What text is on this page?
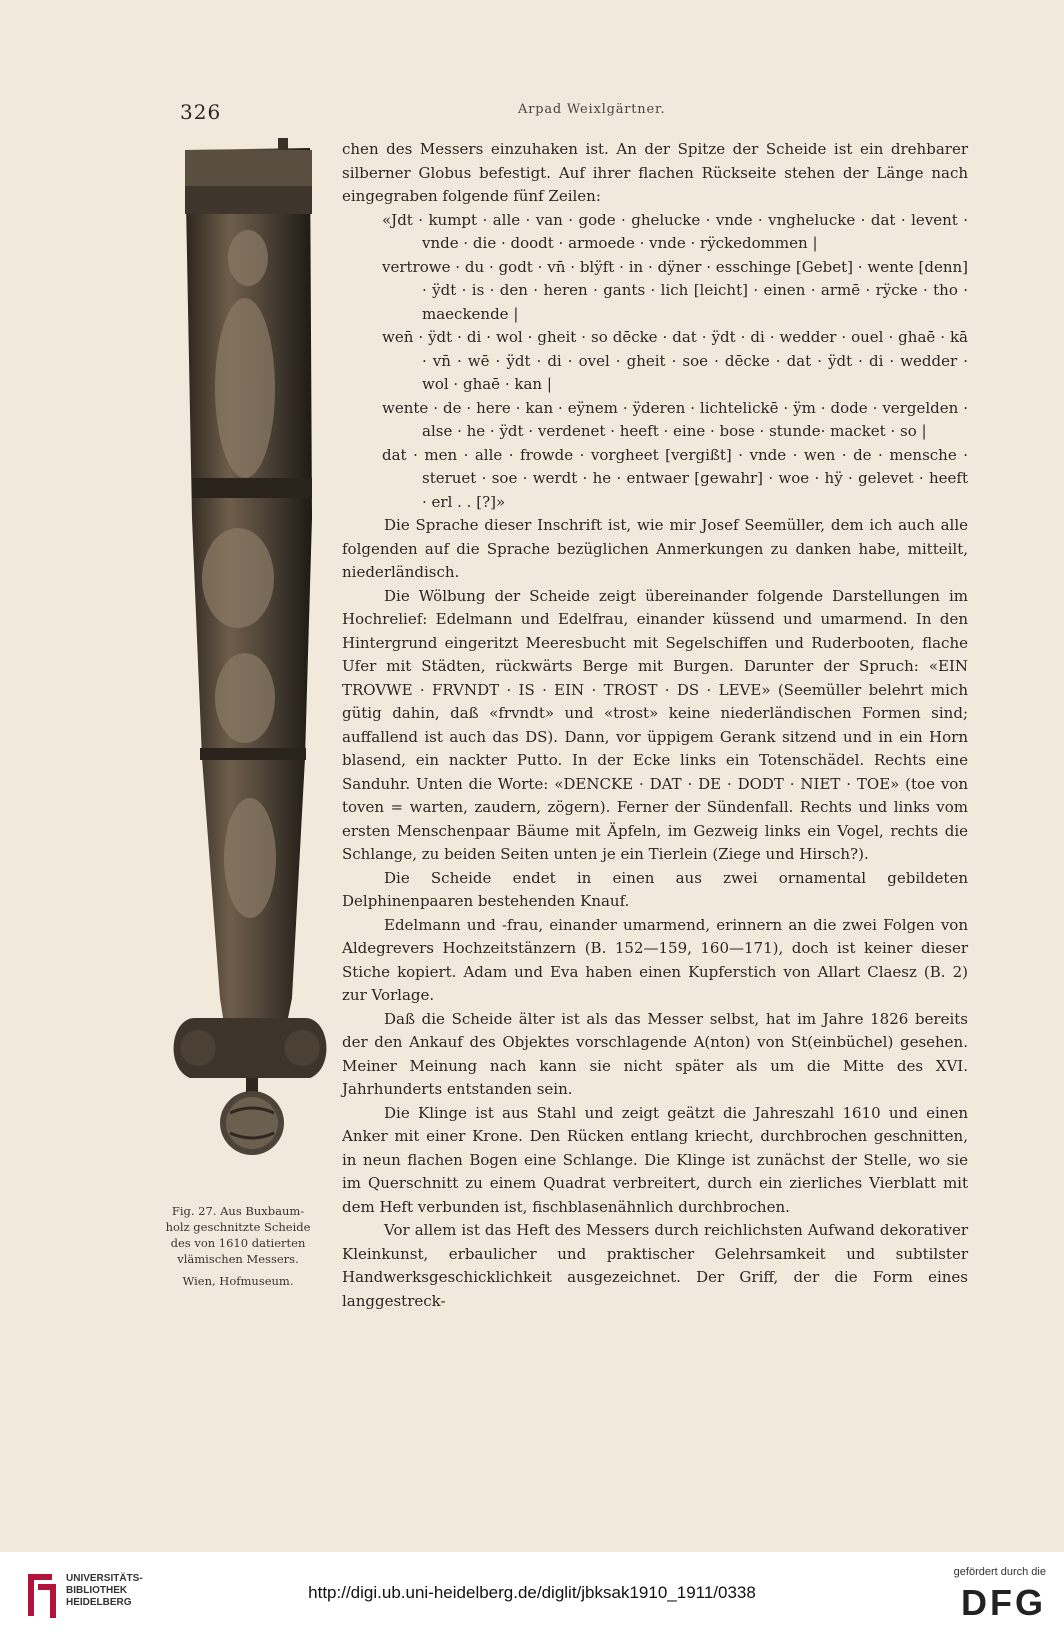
326	Arpad Weixlgärtner.
Fig. 27. Aus Buxbaum-
holz geschnitzte Scheide
des von 1610 datierten
vlämischen Messers.
Wien, Hofmuseum.

chen des Messers einzuhaken ist. An der Spitze der Scheide ist ein drehbarer silberner Globus befestigt. Auf ihrer flachen Rückseite stehen der Länge nach eingegraben folgende fünf Zeilen:

«Jdt · kumpt · alle · van · gode · ghelucke · vnde · vnghelucke · dat · levent · vnde · die · doodt · armoede · vnde · rÿckedommen |

vertrowe · du · godt · vn̄ · blÿft · in · dÿner · esschinge [Gebet] · wente [denn] · ÿdt · is · den · heren · gants · lich [leicht] · einen · armē · rÿcke · tho · maeckende |

wen̄ · ÿdt · di · wol · gheit · so dēcke · dat · ÿdt · di · wedder · ouel · ghaē · kā · vn̄ · wē · ÿdt · di · ovel · gheit · soe · dēcke · dat · ÿdt · di · wedder · wol · ghaē · kan |

wente · de · here · kan · eÿnem · ÿderen · lichtelickē · ÿm · dode · vergelden · alse · he · ÿdt · verdenet · heeft · eine · bose · stunde· macket · so |

dat · men · alle · frowde · vorgheet [vergißt] · vnde · wen · de · mensche · steruet · soe · werdt · he · entwaer [gewahr] · woe · hÿ · gelevet · heeft · erl . . [?]»

Die Sprache dieser Inschrift ist, wie mir Josef Seemüller, dem ich auch alle folgenden auf die Sprache bezüglichen Anmerkungen zu danken habe, mitteilt, niederländisch.

Die Wölbung der Scheide zeigt übereinander folgende Darstellungen im Hochrelief: Edelmann und Edelfrau, einander küssend und umarmend. In den Hintergrund eingeritzt Meeresbucht mit Segelschiffen und Ruderbooten, flache Ufer mit Städten, rückwärts Berge mit Burgen. Darunter der Spruch: «EIN TROVWE · FRVNDT · IS · EIN · TROST · DS · LEVE» (Seemüller belehrt mich gütig dahin, daß «frvndt» und «trost» keine niederländischen Formen sind; auffallend ist auch das DS). Dann, vor üppigem Gerank sitzend und in ein Horn blasend, ein nackter Putto. In der Ecke links ein Totenschädel. Rechts eine Sanduhr. Unten die Worte: «DENCKE · DAT · DE · DODT · NIET · TOE» (toe von toven = warten, zaudern, zögern). Ferner der Sündenfall. Rechts und links vom ersten Menschenpaar Bäume mit Äpfeln, im Gezweig links ein Vogel, rechts die Schlange, zu beiden Seiten unten je ein Tierlein (Ziege und Hirsch?).

Die Scheide endet in einen aus zwei ornamental gebildeten Delphinenpaaren bestehenden Knauf.

Edelmann und -frau, einander umarmend, erinnern an die zwei Folgen von Aldegrevers Hochzeitstänzern (B. 152—159, 160—171), doch ist keiner dieser Stiche kopiert. Adam und Eva haben einen Kupferstich von Allart Claesz (B. 2) zur Vorlage.

Daß die Scheide älter ist als das Messer selbst, hat im Jahre 1826 bereits der den Ankauf des Objektes vorschlagende A(nton) von St(einbüchel) gesehen. Meiner Meinung nach kann sie nicht später als um die Mitte des XVI. Jahrhunderts entstanden sein.

Die Klinge ist aus Stahl und zeigt geätzt die Jahreszahl 1610 und einen Anker mit einer Krone. Den Rücken entlang kriecht, durchbrochen geschnitten, in neun flachen Bogen eine Schlange. Die Klinge ist zunächst der Stelle, wo sie im Querschnitt zu einem Quadrat verbreitert, durch ein zierliches Vierblatt mit dem Heft verbunden ist, fischblasenähnlich durchbrochen.

Vor allem ist das Heft des Messers durch reichlichsten Aufwand dekorativer Kleinkunst, erbaulicher und praktischer Gelehrsamkeit und subtilster Handwerksgeschicklichkeit ausgezeichnet. Der Griff, der die Form eines langgestreck-

UNIVERSITÄTS-
BIBLIOTHEK
HEIDELBERG
http://digi.ub.uni-heidelberg.de/diglit/jbksak1910_1911/0338
gefördert durch die
DFG
